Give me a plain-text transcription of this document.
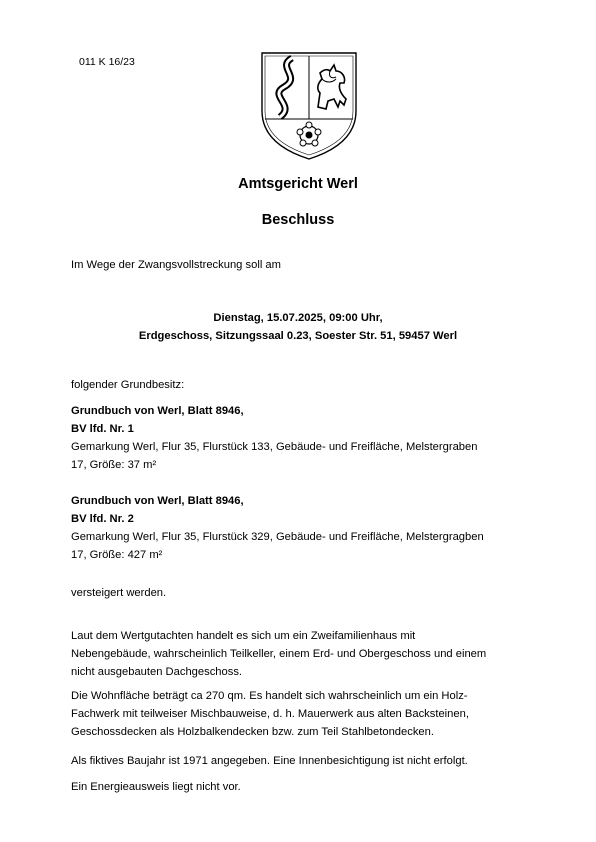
011 K 16/23
Amtsgericht Werl
Beschluss
Im Wege der Zwangsvollstreckung soll am
Dienstag, 15.07.2025, 09:00 Uhr,
Erdgeschoss, Sitzungssaal 0.23, Soester Str. 51, 59457 Werl
folgender Grundbesitz:
Grundbuch von Werl, Blatt 8946,
BV lfd. Nr. 1
Gemarkung Werl, Flur 35, Flurstück 133, Gebäude- und Freifläche, Melstergraben
17, Größe: 37 m²
Grundbuch von Werl, Blatt 8946,
BV lfd. Nr. 2
Gemarkung Werl, Flur 35, Flurstück 329, Gebäude- und Freifläche, Melstergragben
17, Größe: 427 m²
versteigert werden.
Laut dem Wertgutachten handelt es sich um ein Zweifamilienhaus mit
Nebengebäude, wahrscheinlich Teilkeller, einem Erd- und Obergeschoss und einem
nicht ausgebauten Dachgeschoss.
Die Wohnfläche beträgt ca 270 qm. Es handelt sich wahrscheinlich um ein Holz-
Fachwerk mit teilweiser Mischbauweise, d. h. Mauerwerk aus alten Backsteinen,
Geschossdecken als Holzbalkendecken bzw. zum Teil Stahlbetondecken.
Als fiktives Baujahr ist 1971 angegeben. Eine Innenbesichtigung ist nicht erfolgt.
Ein Energieausweis liegt nicht vor.
